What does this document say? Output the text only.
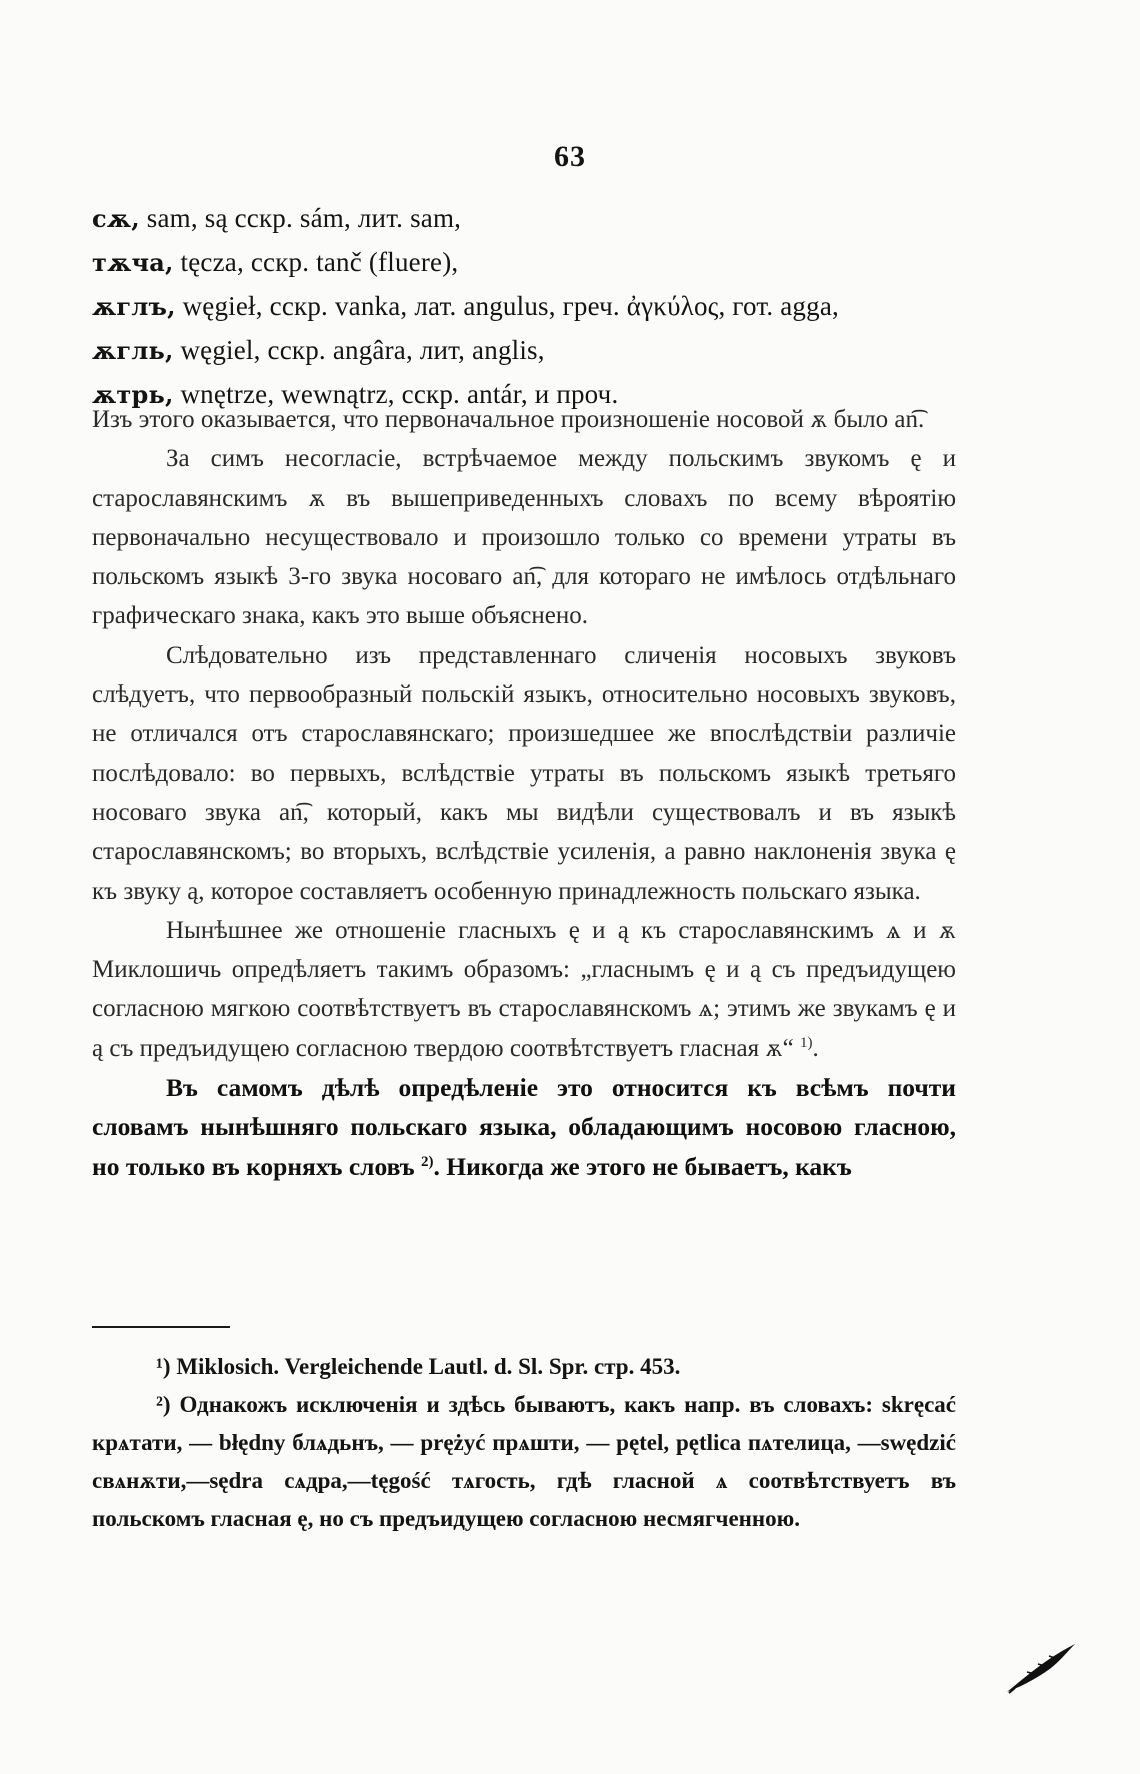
63
сѫ, sam, są сскр. sám, лит. sam,
тѫча, tęcza, сскр. tanč (fluere),
ѫглъ, węgieł, сскр. vanka, лат. angulus, греч. ἀγκύλος, гот. agga,
ѫгль, węgiel, сскр. angâra, лит, anglis,
ѫтрь, wnętrze, wewnątrz, сскр. antár, и проч.

Изъ этого оказывается, что первоначальное произношеніе носовой ѫ было an͡.

За симъ несогласіе, встрѣчаемое между польскимъ звукомъ ę и старославянскимъ ѫ въ вышеприведенныхъ словахъ по всему вѣроятію первоначально несуществовало и произошло только со времени утраты въ польскомъ языкѣ 3-го звука носоваго an͡, для котораго не имѣлось отдѣльнаго графическаго знака, какъ это выше объяснено.

Слѣдовательно изъ представленнаго сличенія носовыхъ звуковъ слѣдуетъ, что первообразный польскій языкъ, относительно носовыхъ звуковъ, не отличался отъ старославянскаго; произшедшее же впослѣдствіи различіе послѣдовало: во первыхъ, вслѣдствіе утраты въ польскомъ языкѣ третьяго носоваго звука an͡, который, какъ мы видѣли существовалъ и въ языкѣ старославянскомъ; во вторыхъ, вслѣдствіе усиленія, а равно наклоненія звука ę къ звуку ą, которое составляетъ особенную принадлежность польскаго языка.

Нынѣшнее же отношеніе гласныхъ ę и ą къ старославянскимъ ѧ и ѫ Миклошичь опредѣляетъ такимъ образомъ: „гласнымъ ę и ą съ предъидущею согласною мягкою соотвѣтствуетъ въ старославянскомъ ѧ; этимъ же звукамъ ę и ą съ предъидущею согласною твердою соотвѣтствуетъ гласная ѫ“ $^{1)}$.

Въ самомъ дѣлѣ опредѣленіе это относится къ всѣмъ почти словамъ нынѣшняго польскаго языка, обладающимъ носовою гласною, но только въ корняхъ словъ $^{2)}$. Никогда же этого не бываетъ, какъ

¹) Miklosich. Vergleichende Lautl. d. Sl. Spr. стр. 453.

²) Однакожъ исключенія и здѣсь бываютъ, какъ напр. въ словахъ: skręcać крѧтати, — błędny блѧдьнъ, — prężyć прѧшти, — pętel, pętlica пѧтелица, —swędzić свѧнѫти,—sędra сѧдра,—tęgość тѧгость, гдѣ гласной ѧ соотвѣтствуетъ въ польскомъ гласная ę, но съ предъидущею согласною несмягченною.
